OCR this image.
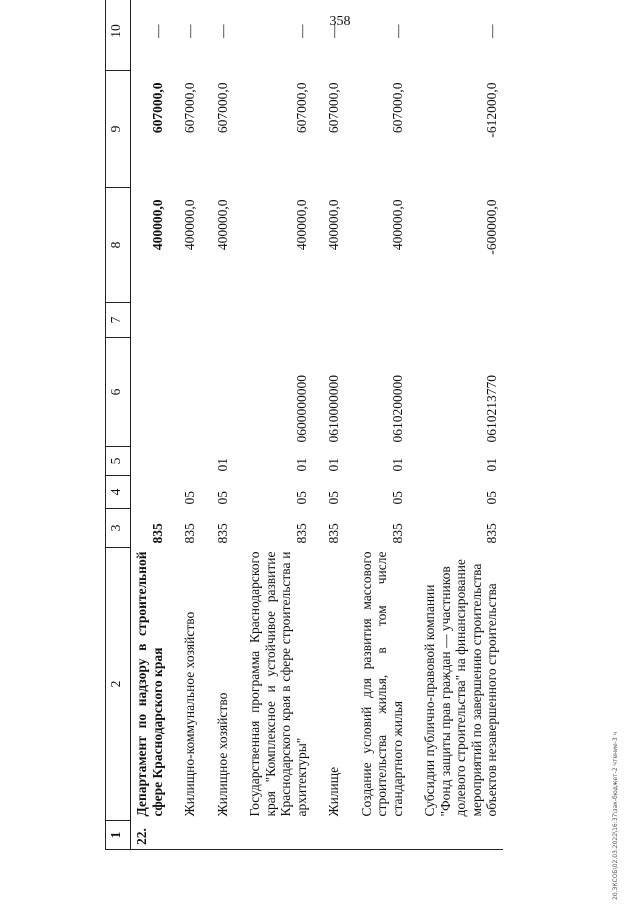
358
1	2	3	4	5	6	7	8	9	10
22.	Департамент по надзору в строительной сфере Краснодарского края	835					400000,0	607000,0	—
	Жилищно-коммунальное хозяйство	835	05				400000,0	607000,0	—
	Жилищное хозяйство	835	05	01			400000,0	607000,0	—
	Государственная программа Краснодарского края "Комплексное и устойчивое развитие Краснодарского края в сфере строительства и архитектуры"	835	05	01	0600000000		400000,0	607000,0	—
	Жилище	835	05	01	0610000000		400000,0	607000,0	—
	Создание условий для развития массового строительства жилья, в том числе стандартного жилья	835	05	01	0610200000		400000,0	607000,0	—
	Субсидии публично-правовой компании "Фонд защиты прав граждан — участников долевого строительства" на финансирование мероприятий по завершению строительства объектов незавершенного строительства	835	05	01	0610213770		-600000,0	-612000,0	—
20.ЗКСОБ\02.03.2022\16:37\зак-бюджет-2 чтение-3 ч
